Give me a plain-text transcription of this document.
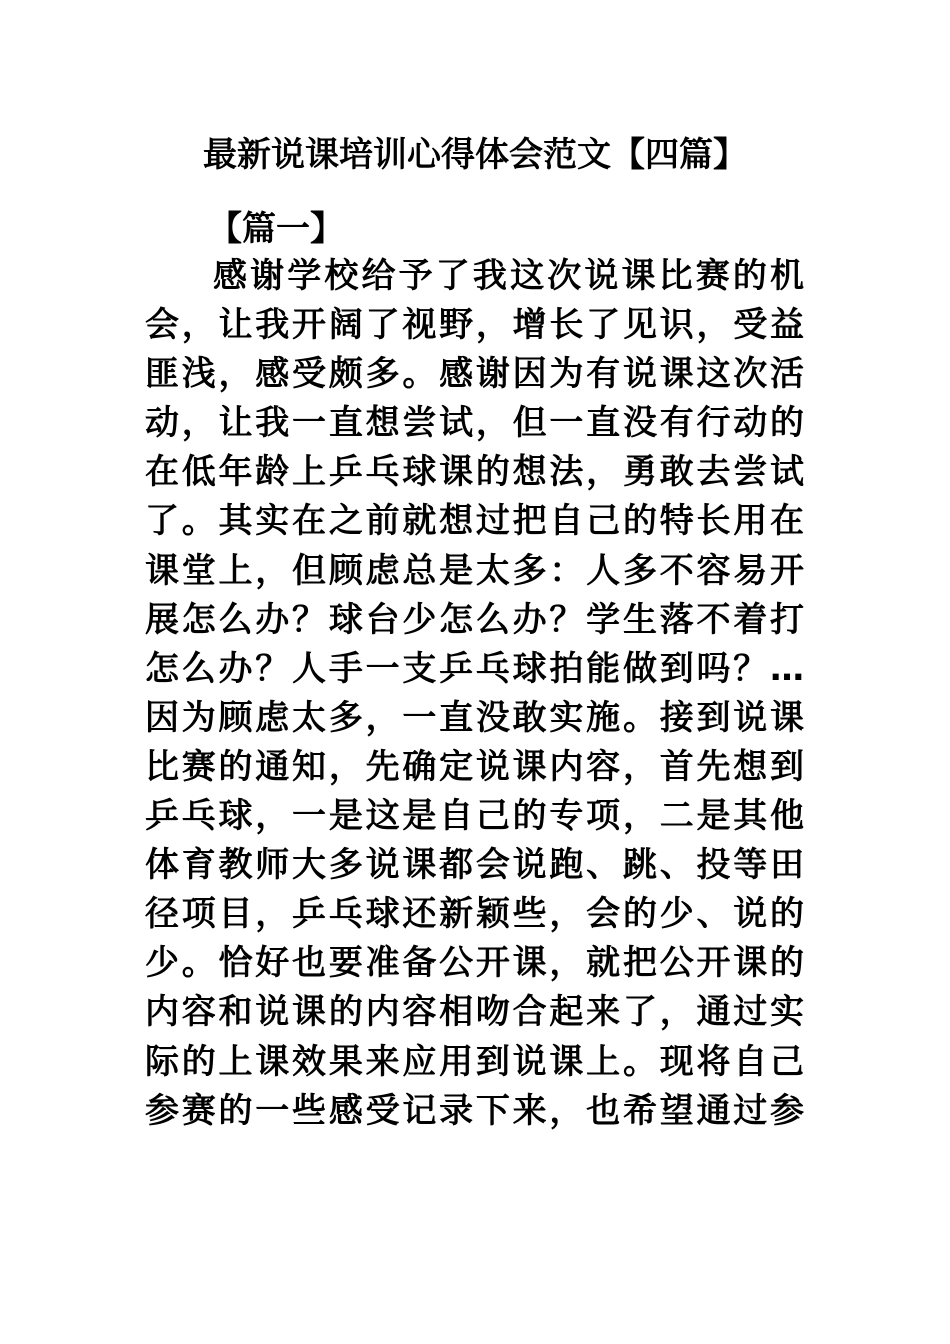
最新说课培训心得体会范文【四篇】
【篇一】
感谢学校给予了我这次说课比赛的机
会，让我开阔了视野，增长了见识，受益
匪浅，感受颇多。感谢因为有说课这次活
动，让我一直想尝试，但一直没有行动的
在低年龄上乒乓球课的想法，勇敢去尝试
了。其实在之前就想过把自己的特长用在
课堂上，但顾虑总是太多：人多不容易开
展怎么办？球台少怎么办？学生落不着打
怎么办？人手一支乒乓球拍能做到吗？…
因为顾虑太多，一直没敢实施。接到说课
比赛的通知，先确定说课内容，首先想到
乒乓球，一是这是自己的专项，二是其他
体育教师大多说课都会说跑、跳、投等田
径项目，乒乓球还新颖些，会的少、说的
少。恰好也要准备公开课，就把公开课的
内容和说课的内容相吻合起来了，通过实
际的上课效果来应用到说课上。现将自己
参赛的一些感受记录下来，也希望通过参
